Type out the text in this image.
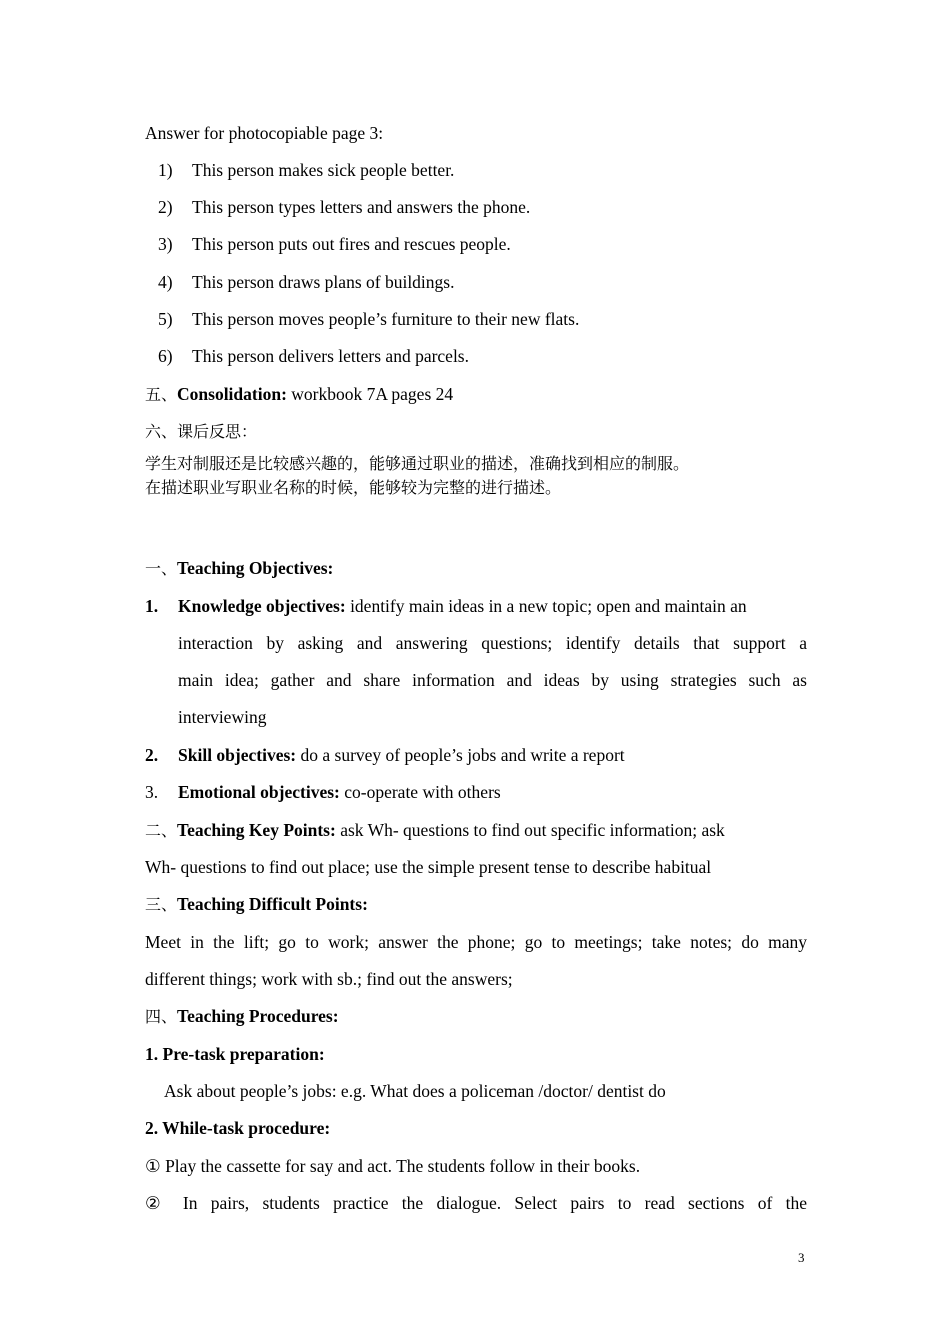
Answer for photocopiable page 3:
1) This person makes sick people better.
2) This person types letters and answers the phone.
3) This person puts out fires and rescues people.
4) This person draws plans of buildings.
5) This person moves people’s furniture to their new flats.
6) This person delivers letters and parcels.
五、Consolidation: workbook 7A pages 24
六、课后反思：
学生对制服还是比较感兴趣的，能够通过职业的描述，准确找到相应的制服。
在描述职业写职业名称的时候，能够较为完整的进行描述。
一、Teaching Objectives:
1. Knowledge objectives: identify main ideas in a new topic; open and maintain an
interaction by asking and answering questions; identify details that support a
main idea; gather and share information and ideas by using strategies such as
interviewing
2. Skill objectives: do a survey of people’s jobs and write a report
3. Emotional objectives: co-operate with others
二、Teaching Key Points: ask Wh- questions to find out specific information; ask
Wh- questions to find out place; use the simple present tense to describe habitual
三、Teaching Difficult Points:
Meet in the lift; go to work; answer the phone; go to meetings; take notes; do many
different things; work with sb.; find out the answers;
四、Teaching Procedures:
1. Pre-task preparation:
Ask about people’s jobs: e.g. What does a policeman /doctor/ dentist do
2. While-task procedure:
① Play the cassette for say and act. The students follow in their books.
② In pairs, students practice the dialogue. Select pairs to read sections of the
3
